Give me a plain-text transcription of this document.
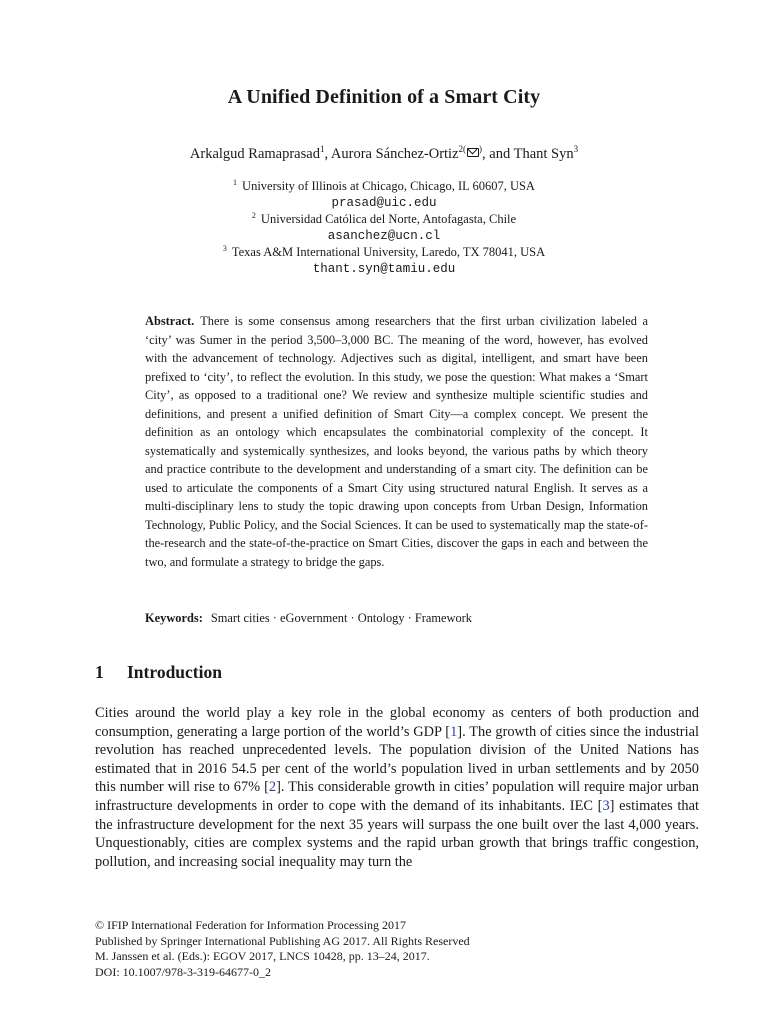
A Unified Definition of a Smart City
Arkalgud Ramaprasad$^1$, Aurora Sánchez-Ortiz$^{2(}$ ), and Thant Syn$^3$
$^1$ University of Illinois at Chicago, Chicago, IL 60607, USA
prasad@uic.edu
$^2$ Universidad Católica del Norte, Antofagasta, Chile
asanchez@ucn.cl
$^3$ Texas A&M International University, Laredo, TX 78041, USA
thant.syn@tamiu.edu
Abstract. There is some consensus among researchers that the first urban civilization labeled a ‘city’ was Sumer in the period 3,500–3,000 BC. The meaning of the word, however, has evolved with the advancement of technology. Adjectives such as digital, intelligent, and smart have been prefixed to ‘city’, to reflect the evolution. In this study, we pose the question: What makes a ‘Smart City’, as opposed to a traditional one? We review and synthesize multiple scientific studies and definitions, and present a unified definition of Smart City—a complex concept. We present the definition as an ontology which encapsulates the combinatorial complexity of the concept. It systematically and systemically synthesizes, and looks beyond, the various paths by which theory and practice contribute to the development and understanding of a smart city. The definition can be used to articulate the components of a Smart City using structured natural English. It serves as a multi-disciplinary lens to study the topic drawing upon concepts from Urban Design, Information Technology, Public Policy, and the Social Sciences. It can be used to systematically map the state-of-the-research and the state-of-the-practice on Smart Cities, discover the gaps in each and between the two, and formulate a strategy to bridge the gaps.
Keywords: Smart cities · eGovernment · Ontology · Framework
1 Introduction
Cities around the world play a key role in the global economy as centers of both production and consumption, generating a large portion of the world’s GDP [1]. The growth of cities since the industrial revolution has reached unprecedented levels. The population division of the United Nations has estimated that in 2016 54.5 per cent of the world’s population lived in urban settlements and by 2050 this number will rise to 67% [2]. This considerable growth in cities’ population will require major urban infrastructure developments in order to cope with the demand of its inhabitants. IEC [3] estimates that the infrastructure development for the next 35 years will surpass the one built over the last 4,000 years. Unquestionably, cities are complex systems and the rapid urban growth that brings traffic congestion, pollution, and increasing social inequality may turn the
© IFIP International Federation for Information Processing 2017
Published by Springer International Publishing AG 2017. All Rights Reserved
M. Janssen et al. (Eds.): EGOV 2017, LNCS 10428, pp. 13–24, 2017.
DOI: 10.1007/978-3-319-64677-0_2
